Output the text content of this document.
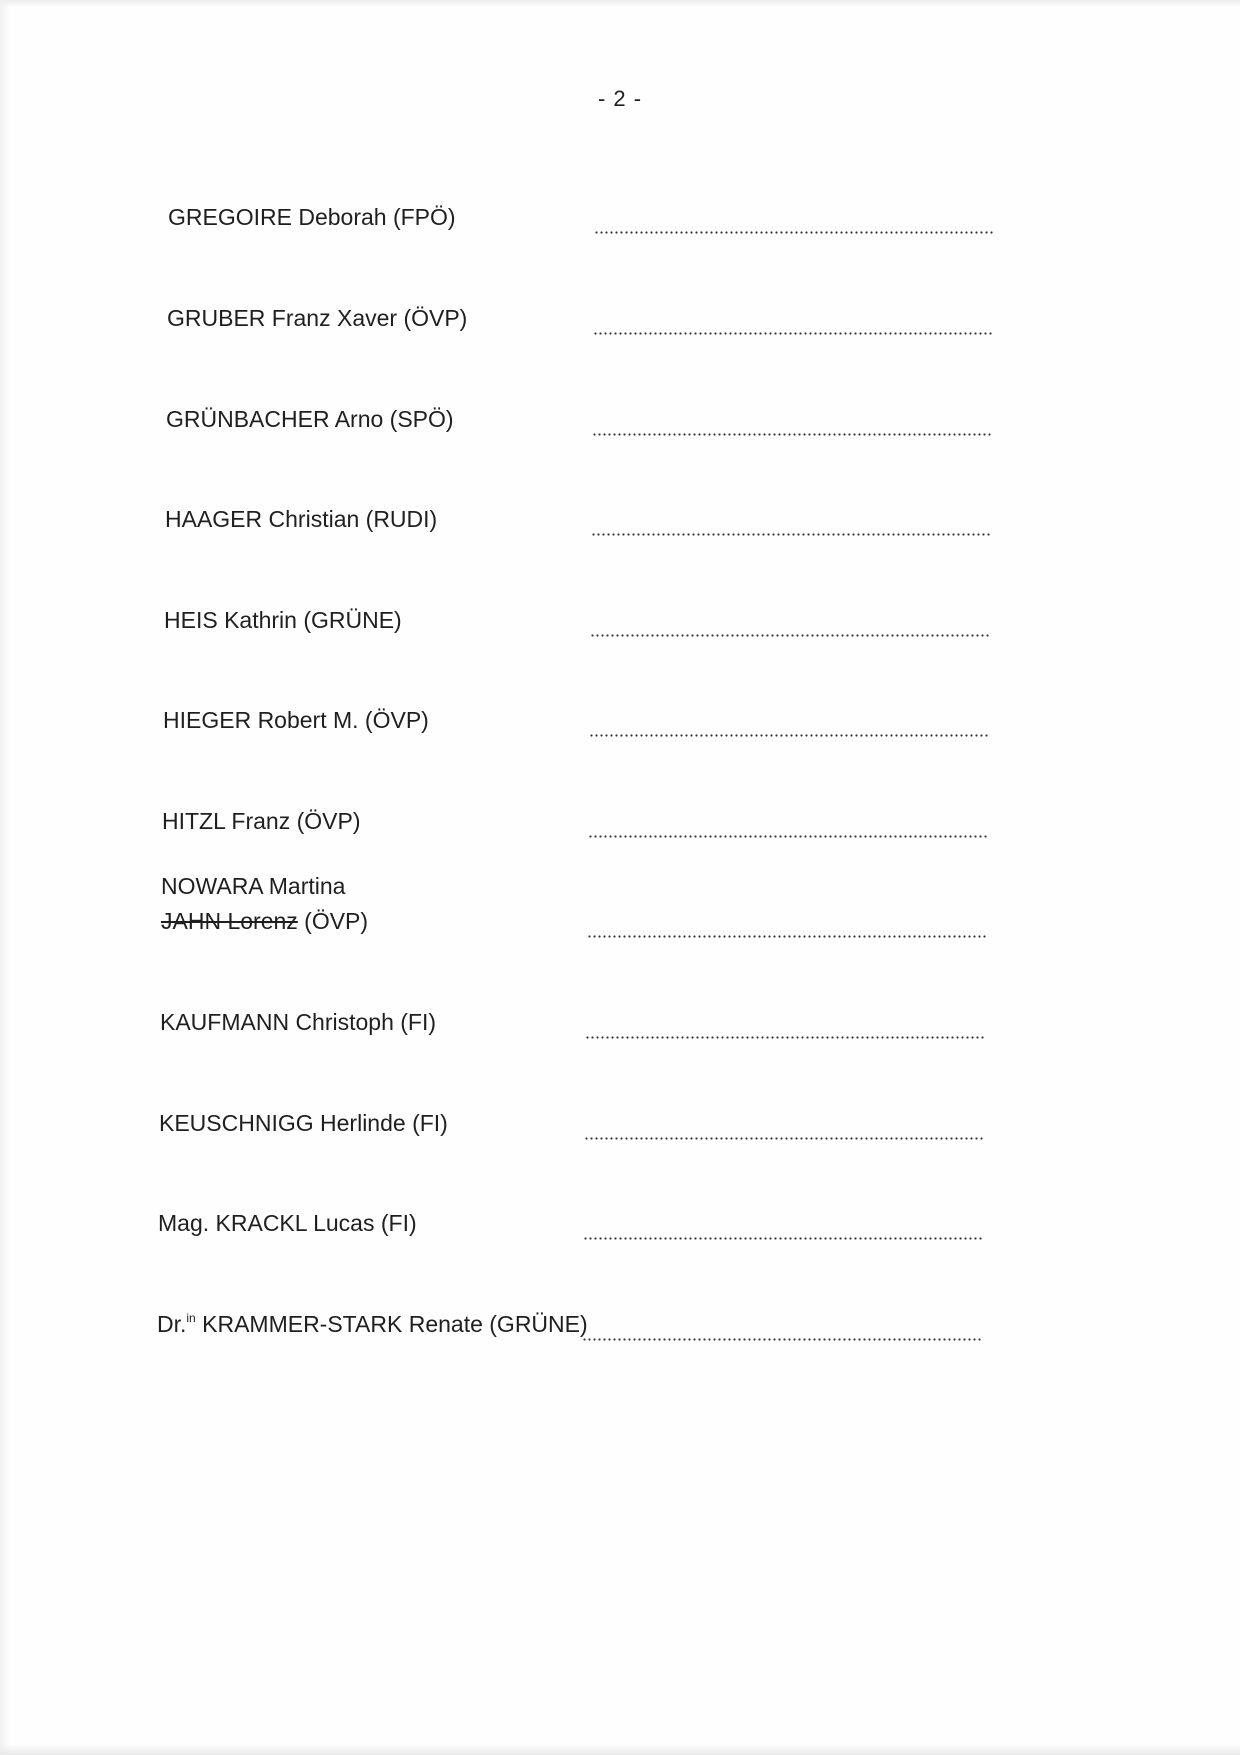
- 2 -
GREGOIRE Deborah (FPÖ)
GRUBER Franz Xaver (ÖVP)
GRÜNBACHER Arno (SPÖ)
HAAGER Christian (RUDI)
HEIS Kathrin (GRÜNE)
HIEGER Robert M. (ÖVP)
HITZL Franz (ÖVP)
NOWARA Martina
JAHN Lorenz (ÖVP)
KAUFMANN Christoph (FI)
KEUSCHNIGG Herlinde (FI)
Mag. KRACKL Lucas (FI)
Dr.$^{in}$ KRAMMER-STARK Renate (GRÜNE)
